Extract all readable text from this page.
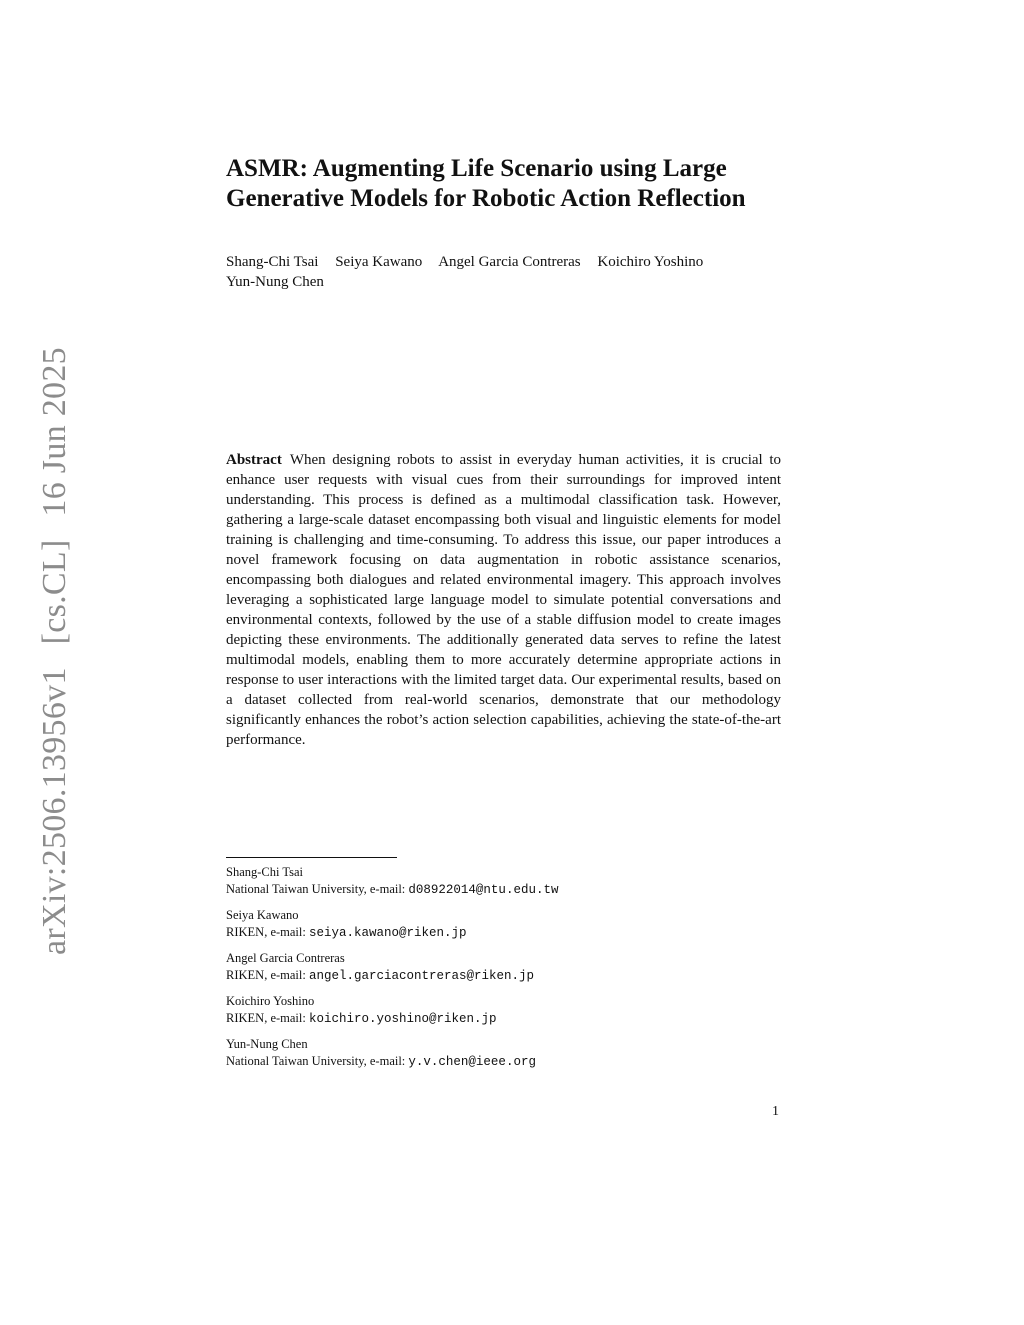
arXiv:2506.13956v1 [cs.CL] 16 Jun 2025
ASMR: Augmenting Life Scenario using Large
Generative Models for Robotic Action Reflection
Shang-Chi Tsai Seiya Kawano Angel Garcia Contreras Koichiro Yoshino
Yun-Nung Chen
Abstract When designing robots to assist in everyday human activities, it is crucial to enhance user requests with visual cues from their surroundings for improved intent understanding. This process is defined as a multimodal classification task. However, gathering a large-scale dataset encompassing both visual and linguistic elements for model training is challenging and time-consuming. To address this issue, our paper introduces a novel framework focusing on data augmentation in robotic assistance scenarios, encompassing both dialogues and related environmental imagery. This approach involves leveraging a sophisticated large language model to simulate potential conversations and environmental contexts, followed by the use of a stable diffusion model to create images depicting these environments. The additionally generated data serves to refine the latest multimodal models, enabling them to more accurately determine appropriate actions in response to user interactions with the limited target data. Our experimental results, based on a dataset collected from real-world scenarios, demonstrate that our methodology significantly enhances the robot’s action selection capabilities, achieving the state-of-the-art performance.
Shang-Chi Tsai
National Taiwan University, e-mail: d08922014@ntu.edu.tw
Seiya Kawano
RIKEN, e-mail: seiya.kawano@riken.jp
Angel Garcia Contreras
RIKEN, e-mail: angel.garciacontreras@riken.jp
Koichiro Yoshino
RIKEN, e-mail: koichiro.yoshino@riken.jp
Yun-Nung Chen
National Taiwan University, e-mail: y.v.chen@ieee.org
1
